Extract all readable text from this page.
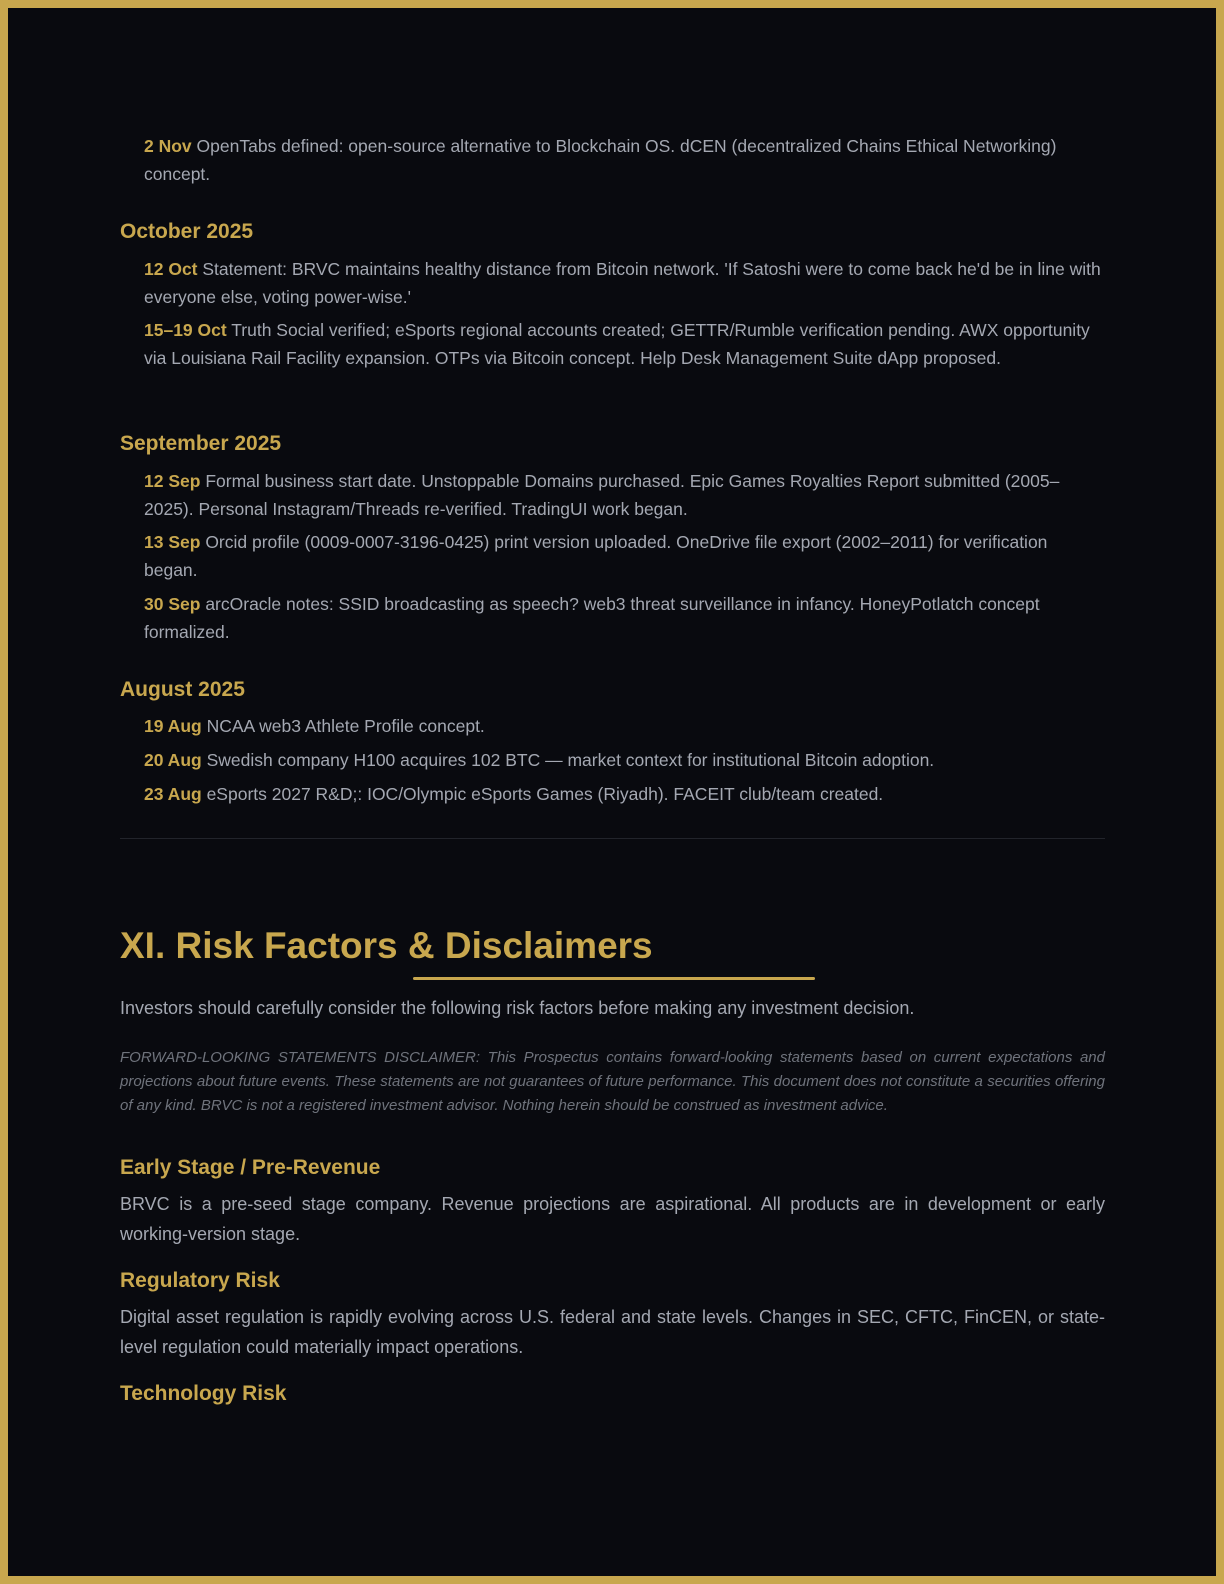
2 Nov OpenTabs defined: open-source alternative to Blockchain OS. dCEN (decentralized Chains Ethical Networking) concept.
October 2025
12 Oct Statement: BRVC maintains healthy distance from Bitcoin network. 'If Satoshi were to come back he'd be in line with everyone else, voting power-wise.'
15–19 Oct Truth Social verified; eSports regional accounts created; GETTR/Rumble verification pending. AWX opportunity via Louisiana Rail Facility expansion. OTPs via Bitcoin concept. Help Desk Management Suite dApp proposed.
September 2025
12 Sep Formal business start date. Unstoppable Domains purchased. Epic Games Royalties Report submitted (2005–2025). Personal Instagram/Threads re-verified. TradingUI work began.
13 Sep Orcid profile (0009-0007-3196-0425) print version uploaded. OneDrive file export (2002–2011) for verification began.
30 Sep arcOracle notes: SSID broadcasting as speech? web3 threat surveillance in infancy. HoneyPotlatch concept formalized.
August 2025
19 Aug NCAA web3 Athlete Profile concept.
20 Aug Swedish company H100 acquires 102 BTC — market context for institutional Bitcoin adoption.
23 Aug eSports 2027 R&D;: IOC/Olympic eSports Games (Riyadh). FACEIT club/team created.
XI. Risk Factors & Disclaimers
Investors should carefully consider the following risk factors before making any investment decision.
FORWARD-LOOKING STATEMENTS DISCLAIMER: This Prospectus contains forward-looking statements based on current expectations and projections about future events. These statements are not guarantees of future performance. This document does not constitute a securities offering of any kind. BRVC is not a registered investment advisor. Nothing herein should be construed as investment advice.
Early Stage / Pre-Revenue
BRVC is a pre-seed stage company. Revenue projections are aspirational. All products are in development or early working-version stage.
Regulatory Risk
Digital asset regulation is rapidly evolving across U.S. federal and state levels. Changes in SEC, CFTC, FinCEN, or state-level regulation could materially impact operations.
Technology Risk
